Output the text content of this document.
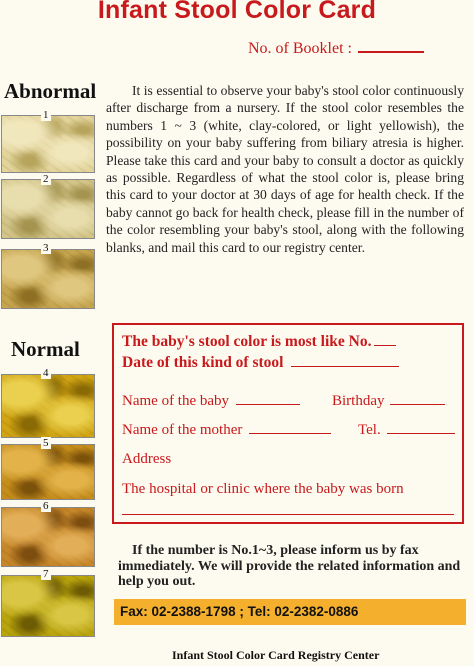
Infant Stool Color Card
No. of Booklet :
Abnormal
1
2
3
Normal
4
5
6
7
It is essential to observe your baby's stool color continuously after discharge from a nursery. If the stool color resembles the numbers 1 ~ 3 (white, clay-colored, or light yellowish), the possibility on your baby suffering from biliary atresia is higher. Please take this card and your baby to consult a doctor as quickly as possible. Regardless of what the stool color is, please bring this card to your doctor at 30 days of age for health check. If the baby cannot go back for health check, please fill in the number of the color resembling your baby's stool, along with the following blanks, and mail this card to our registry center.
The baby's stool color is most like No.
Date of this kind of stool
Name of the baby	Birthday
Name of the mother	Tel.
Address
The hospital or clinic where the baby was born
If the number is No.1~3, please inform us by fax immediately. We will provide the related information and help you out.
Fax: 02-2388-1798 ; Tel: 02-2382-0886
Infant Stool Color Card Registry Center
